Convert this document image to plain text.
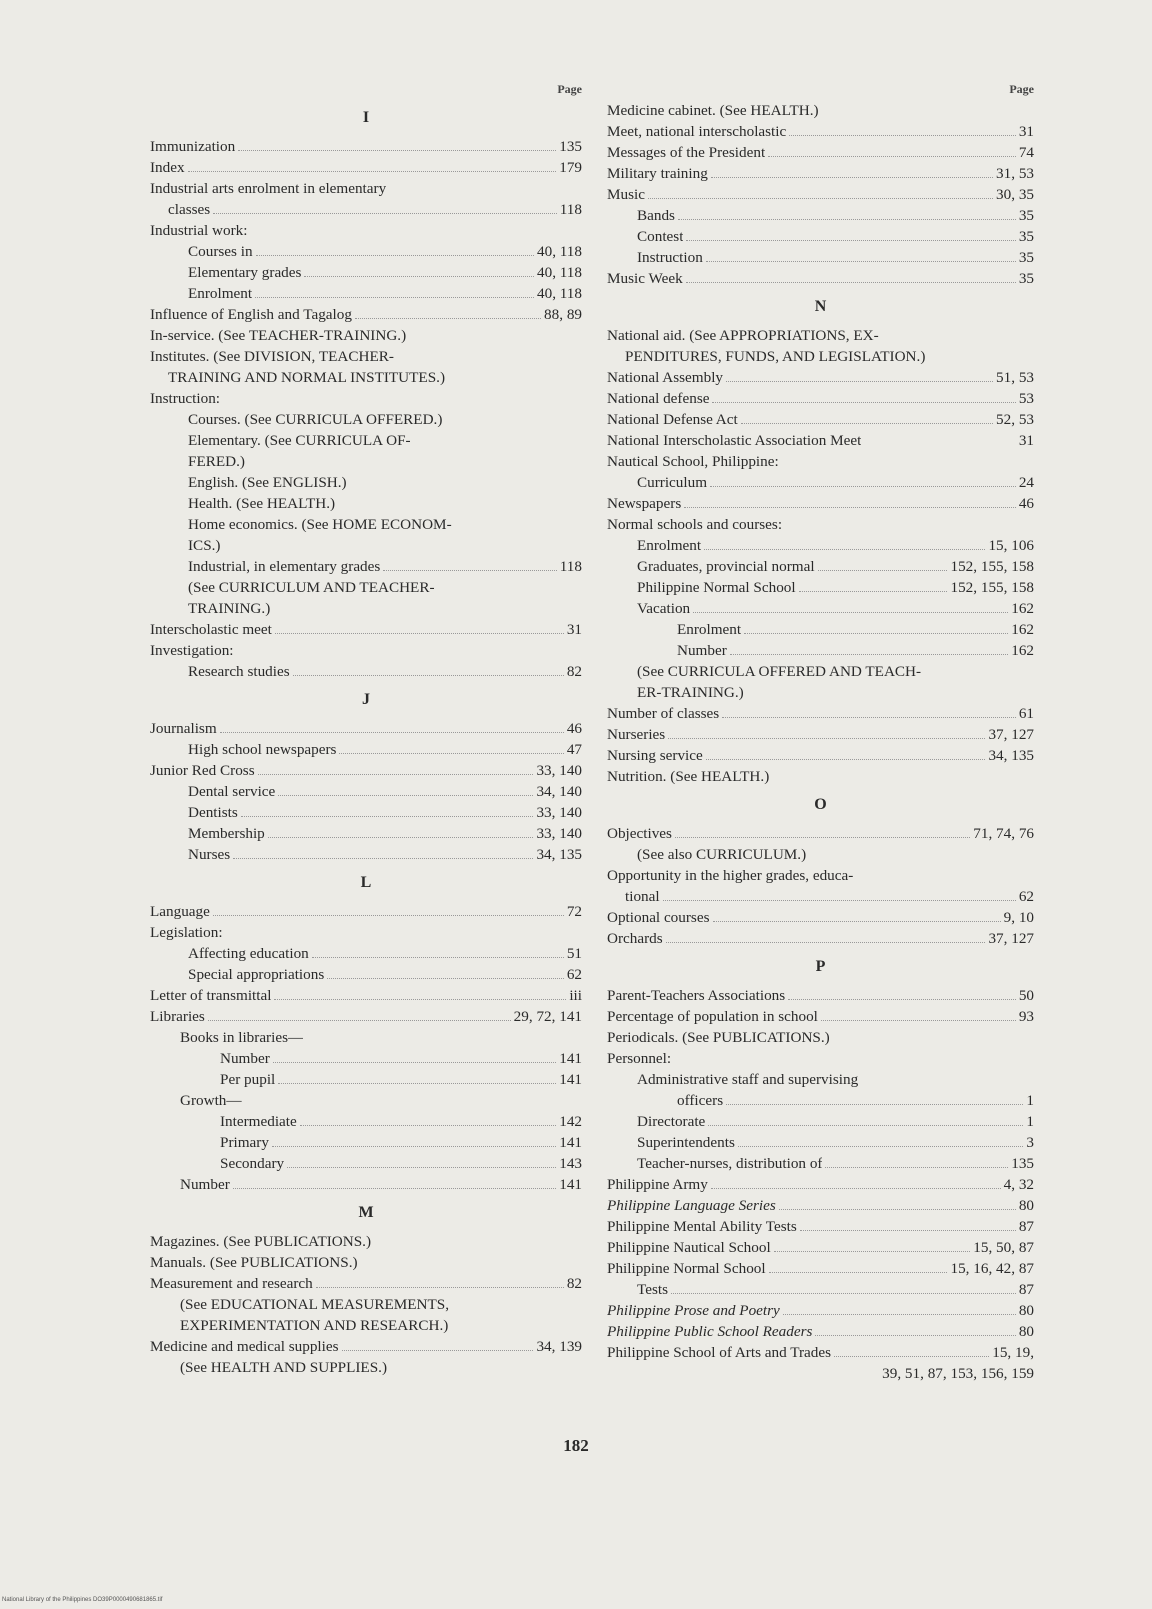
Page
I
Immunization	135
Index	179
Industrial arts enrolment in elementary
classes	118
Industrial work:
Courses in	40, 118
Elementary grades	40, 118
Enrolment	40, 118
Influence of English and Tagalog	88, 89
In-service. (See TEACHER-TRAINING.)
Institutes. (See DIVISION, TEACHER-
TRAINING AND NORMAL INSTITUTES.)
Instruction:
Courses. (See CURRICULA OFFERED.)
Elementary. (See CURRICULA OF-
FERED.)
English. (See ENGLISH.)
Health. (See HEALTH.)
Home economics. (See HOME ECONOM-
ICS.)
Industrial, in elementary grades	118
(See CURRICULUM AND TEACHER-
TRAINING.)
Interscholastic meet	31
Investigation:
Research studies	82
J
Journalism	46
High school newspapers	47
Junior Red Cross	33, 140
Dental service	34, 140
Dentists	33, 140
Membership	33, 140
Nurses	34, 135
L
Language	72
Legislation:
Affecting education	51
Special appropriations	62
Letter of transmittal	iii
Libraries	29, 72, 141
Books in libraries—
Number	141
Per pupil	141
Growth—
Intermediate	142
Primary	141
Secondary	143
Number	141
M
Magazines. (See PUBLICATIONS.)
Manuals. (See PUBLICATIONS.)
Measurement and research	82
(See EDUCATIONAL MEASUREMENTS,
EXPERIMENTATION AND RESEARCH.)
Medicine and medical supplies	34, 139
(See HEALTH AND SUPPLIES.)
Page
Medicine cabinet. (See HEALTH.)
Meet, national interscholastic	31
Messages of the President	74
Military training	31, 53
Music	30, 35
Bands	35
Contest	35
Instruction	35
Music Week	35
N
National aid. (See APPROPRIATIONS, EX-
PENDITURES, FUNDS, AND LEGISLATION.)
National Assembly	51, 53
National defense	53
National Defense Act	52, 53
National Interscholastic Association Meet	31
Nautical School, Philippine:
Curriculum	24
Newspapers	46
Normal schools and courses:
Enrolment	15, 106
Graduates, provincial normal	152, 155, 158
Philippine Normal School	152, 155, 158
Vacation	162
Enrolment	162
Number	162
(See CURRICULA OFFERED AND TEACH-
ER-TRAINING.)
Number of classes	61
Nurseries	37, 127
Nursing service	34, 135
Nutrition. (See HEALTH.)
O
Objectives	71, 74, 76
(See also CURRICULUM.)
Opportunity in the higher grades, educa-
tional	62
Optional courses	9, 10
Orchards	37, 127
P
Parent-Teachers Associations	50
Percentage of population in school	93
Periodicals. (See PUBLICATIONS.)
Personnel:
Administrative staff and supervising
officers	1
Directorate	1
Superintendents	3
Teacher-nurses, distribution of	135
Philippine Army	4, 32
Philippine Language Series	80
Philippine Mental Ability Tests	87
Philippine Nautical School	15, 50, 87
Philippine Normal School	15, 16, 42, 87
Tests	87
Philippine Prose and Poetry	80
Philippine Public School Readers	80
Philippine School of Arts and Trades	15, 19,
39, 51, 87, 153, 156, 159
182
National Library of the Philippines DO39P0000490681865.tif
